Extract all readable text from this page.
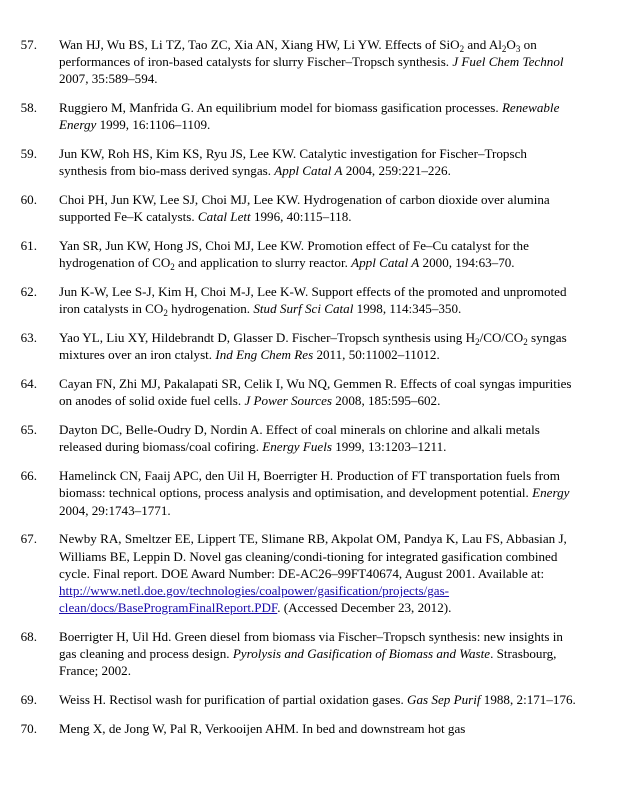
57. Wan HJ, Wu BS, Li TZ, Tao ZC, Xia AN, Xiang HW, Li YW. Effects of SiO$_2$ and $Al_2O_3$ on performances of iron-based catalysts for slurry Fischer–Tropsch synthesis. J Fuel Chem Technol 2007, 35:589–594.
58. Ruggiero M, Manfrida G. An equilibrium model for biomass gasification processes. Renewable Energy 1999, 16:1106–1109.
59. Jun KW, Roh HS, Kim KS, Ryu JS, Lee KW. Catalytic investigation for Fischer–Tropsch synthesis from bio-mass derived syngas. Appl Catal A 2004, 259:221–226.
60. Choi PH, Jun KW, Lee SJ, Choi MJ, Lee KW. Hydrogenation of carbon dioxide over alumina supported Fe–K catalysts. Catal Lett 1996, 40:115–118.
61. Yan SR, Jun KW, Hong JS, Choi MJ, Lee KW. Promotion effect of Fe–Cu catalyst for the hydrogenation of $CO_2$ and application to slurry reactor. Appl Catal A 2000, 194:63–70.
62. Jun K-W, Lee S-J, Kim H, Choi M-J, Lee K-W. Support effects of the promoted and unpromoted iron catalysts in $CO_2$ hydrogenation. Stud Surf Sci Catal 1998, 114:345–350.
63. Yao YL, Liu XY, Hildebrandt D, Glasser D. Fischer–Tropsch synthesis using $H_2/CO/CO_2$ syngas mixtures over an iron ctalyst. Ind Eng Chem Res 2011, 50:11002–11012.
64. Cayan FN, Zhi MJ, Pakalapati SR, Celik I, Wu NQ, Gemmen R. Effects of coal syngas impurities on anodes of solid oxide fuel cells. J Power Sources 2008, 185:595–602.
65. Dayton DC, Belle-Oudry D, Nordin A. Effect of coal minerals on chlorine and alkali metals released during biomass/coal cofiring. Energy Fuels 1999, 13:1203–1211.
66. Hamelinck CN, Faaij APC, den Uil H, Boerrigter H. Production of FT transportation fuels from biomass: technical options, process analysis and optimisation, and development potential. Energy 2004, 29:1743–1771.
67. Newby RA, Smeltzer EE, Lippert TE, Slimane RB, Akpolat OM, Pandya K, Lau FS, Abbasian J, Williams BE, Leppin D. Novel gas cleaning/condi-tioning for integrated gasification combined cycle. Final report. DOE Award Number: DE-AC26–99FT40674, August 2001. Available at: http://www.netl.doe.gov/technologies/coalpower/gasification/projects/gas-clean/docs/BaseProgramFinalReport.PDF. (Accessed December 23, 2012).
68. Boerrigter H, Uil Hd. Green diesel from biomass via Fischer–Tropsch synthesis: new insights in gas cleaning and process design. Pyrolysis and Gasification of Biomass and Waste. Strasbourg, France; 2002.
69. Weiss H. Rectisol wash for purification of partial oxidation gases. Gas Sep Purif 1988, 2:171–176.
70. Meng X, de Jong W, Pal R, Verkooijen AHM. In bed and downstream hot gas
